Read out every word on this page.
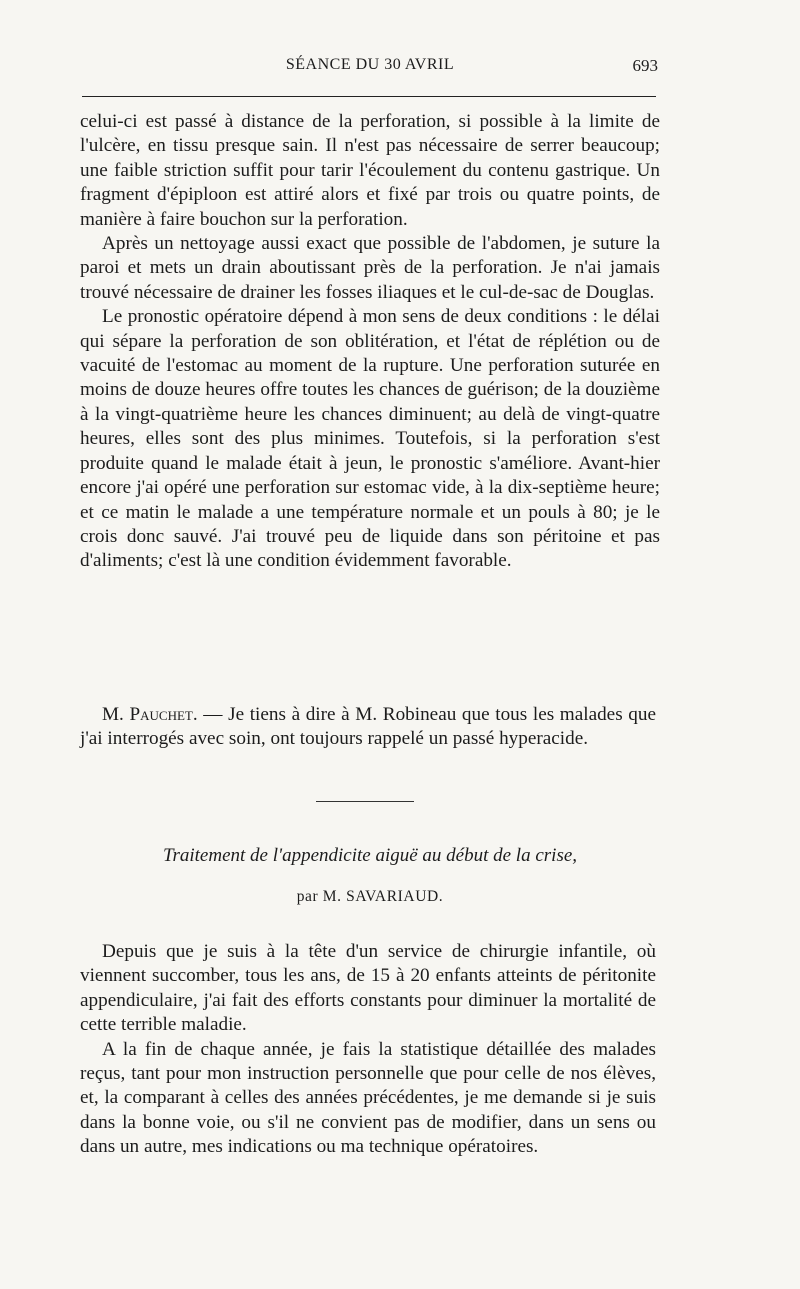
SÉANCE DU 30 AVRIL	693

celui-ci est passé à distance de la perforation, si possible à la limite de l'ulcère, en tissu presque sain. Il n'est pas nécessaire de serrer beaucoup; une faible striction suffit pour tarir l'écoulement du contenu gastrique. Un fragment d'épiploon est attiré alors et fixé par trois ou quatre points, de manière à faire bouchon sur la perforation.

Après un nettoyage aussi exact que possible de l'abdomen, je suture la paroi et mets un drain aboutissant près de la perforation. Je n'ai jamais trouvé nécessaire de drainer les fosses iliaques et le cul-de-sac de Douglas.

Le pronostic opératoire dépend à mon sens de deux conditions : le délai qui sépare la perforation de son oblitération, et l'état de réplétion ou de vacuité de l'estomac au moment de la rupture. Une perforation suturée en moins de douze heures offre toutes les chances de guérison; de la douzième à la vingt-quatrième heure les chances diminuent; au delà de vingt-quatre heures, elles sont des plus minimes. Toutefois, si la perforation s'est produite quand le malade était à jeun, le pronostic s'améliore. Avant-hier encore j'ai opéré une perforation sur estomac vide, à la dix-septième heure; et ce matin le malade a une température normale et un pouls à 80; je le crois donc sauvé. J'ai trouvé peu de liquide dans son péritoine et pas d'aliments; c'est là une condition évidemment favorable.

M. Pauchet. — Je tiens à dire à M. Robineau que tous les malades que j'ai interrogés avec soin, ont toujours rappelé un passé hyperacide.

Traitement de l'appendicite aiguë au début de la crise,
par M. SAVARIAUD.

Depuis que je suis à la tête d'un service de chirurgie infantile, où viennent succomber, tous les ans, de 15 à 20 enfants atteints de péritonite appendiculaire, j'ai fait des efforts constants pour diminuer la mortalité de cette terrible maladie.

A la fin de chaque année, je fais la statistique détaillée des malades reçus, tant pour mon instruction personnelle que pour celle de nos élèves, et, la comparant à celles des années précédentes, je me demande si je suis dans la bonne voie, ou s'il ne convient pas de modifier, dans un sens ou dans un autre, mes indications ou ma technique opératoires.
